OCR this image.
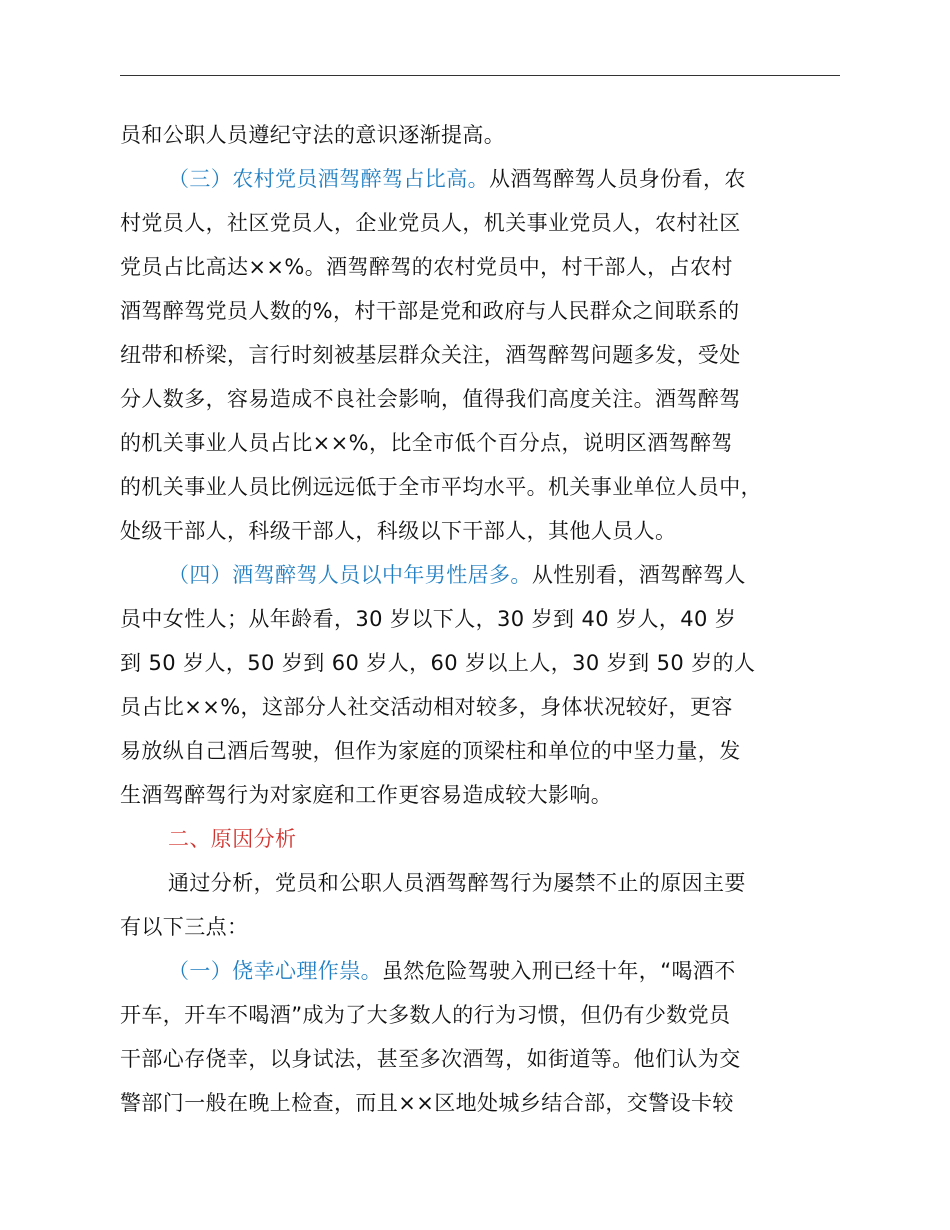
员和公职人员遵纪守法的意识逐渐提高。
（三）农村党员酒驾醉驾占比高。从酒驾醉驾人员身份看，农
村党员人，社区党员人，企业党员人，机关事业党员人，农村社区
党员占比高达××%。酒驾醉驾的农村党员中，村干部人，占农村
酒驾醉驾党员人数的%，村干部是党和政府与人民群众之间联系的
纽带和桥梁，言行时刻被基层群众关注，酒驾醉驾问题多发，受处
分人数多，容易造成不良社会影响，值得我们高度关注。酒驾醉驾
的机关事业人员占比××%，比全市低个百分点，说明区酒驾醉驾
的机关事业人员比例远远低于全市平均水平。机关事业单位人员中，
处级干部人，科级干部人，科级以下干部人，其他人员人。
（四）酒驾醉驾人员以中年男性居多。从性别看，酒驾醉驾人
员中女性人；从年龄看，30 岁以下人，30 岁到 40 岁人，40 岁
到 50 岁人，50 岁到 60 岁人，60 岁以上人，30 岁到 50 岁的人
员占比××%，这部分人社交活动相对较多，身体状况较好，更容
易放纵自己酒后驾驶，但作为家庭的顶梁柱和单位的中坚力量，发
生酒驾醉驾行为对家庭和工作更容易造成较大影响。
二、原因分析
通过分析，党员和公职人员酒驾醉驾行为屡禁不止的原因主要
有以下三点：
（一）侥幸心理作祟。虽然危险驾驶入刑已经十年，“喝酒不
开车，开车不喝酒”成为了大多数人的行为习惯，但仍有少数党员
干部心存侥幸，以身试法，甚至多次酒驾，如街道等。他们认为交
警部门一般在晚上检查，而且××区地处城乡结合部，交警设卡较
